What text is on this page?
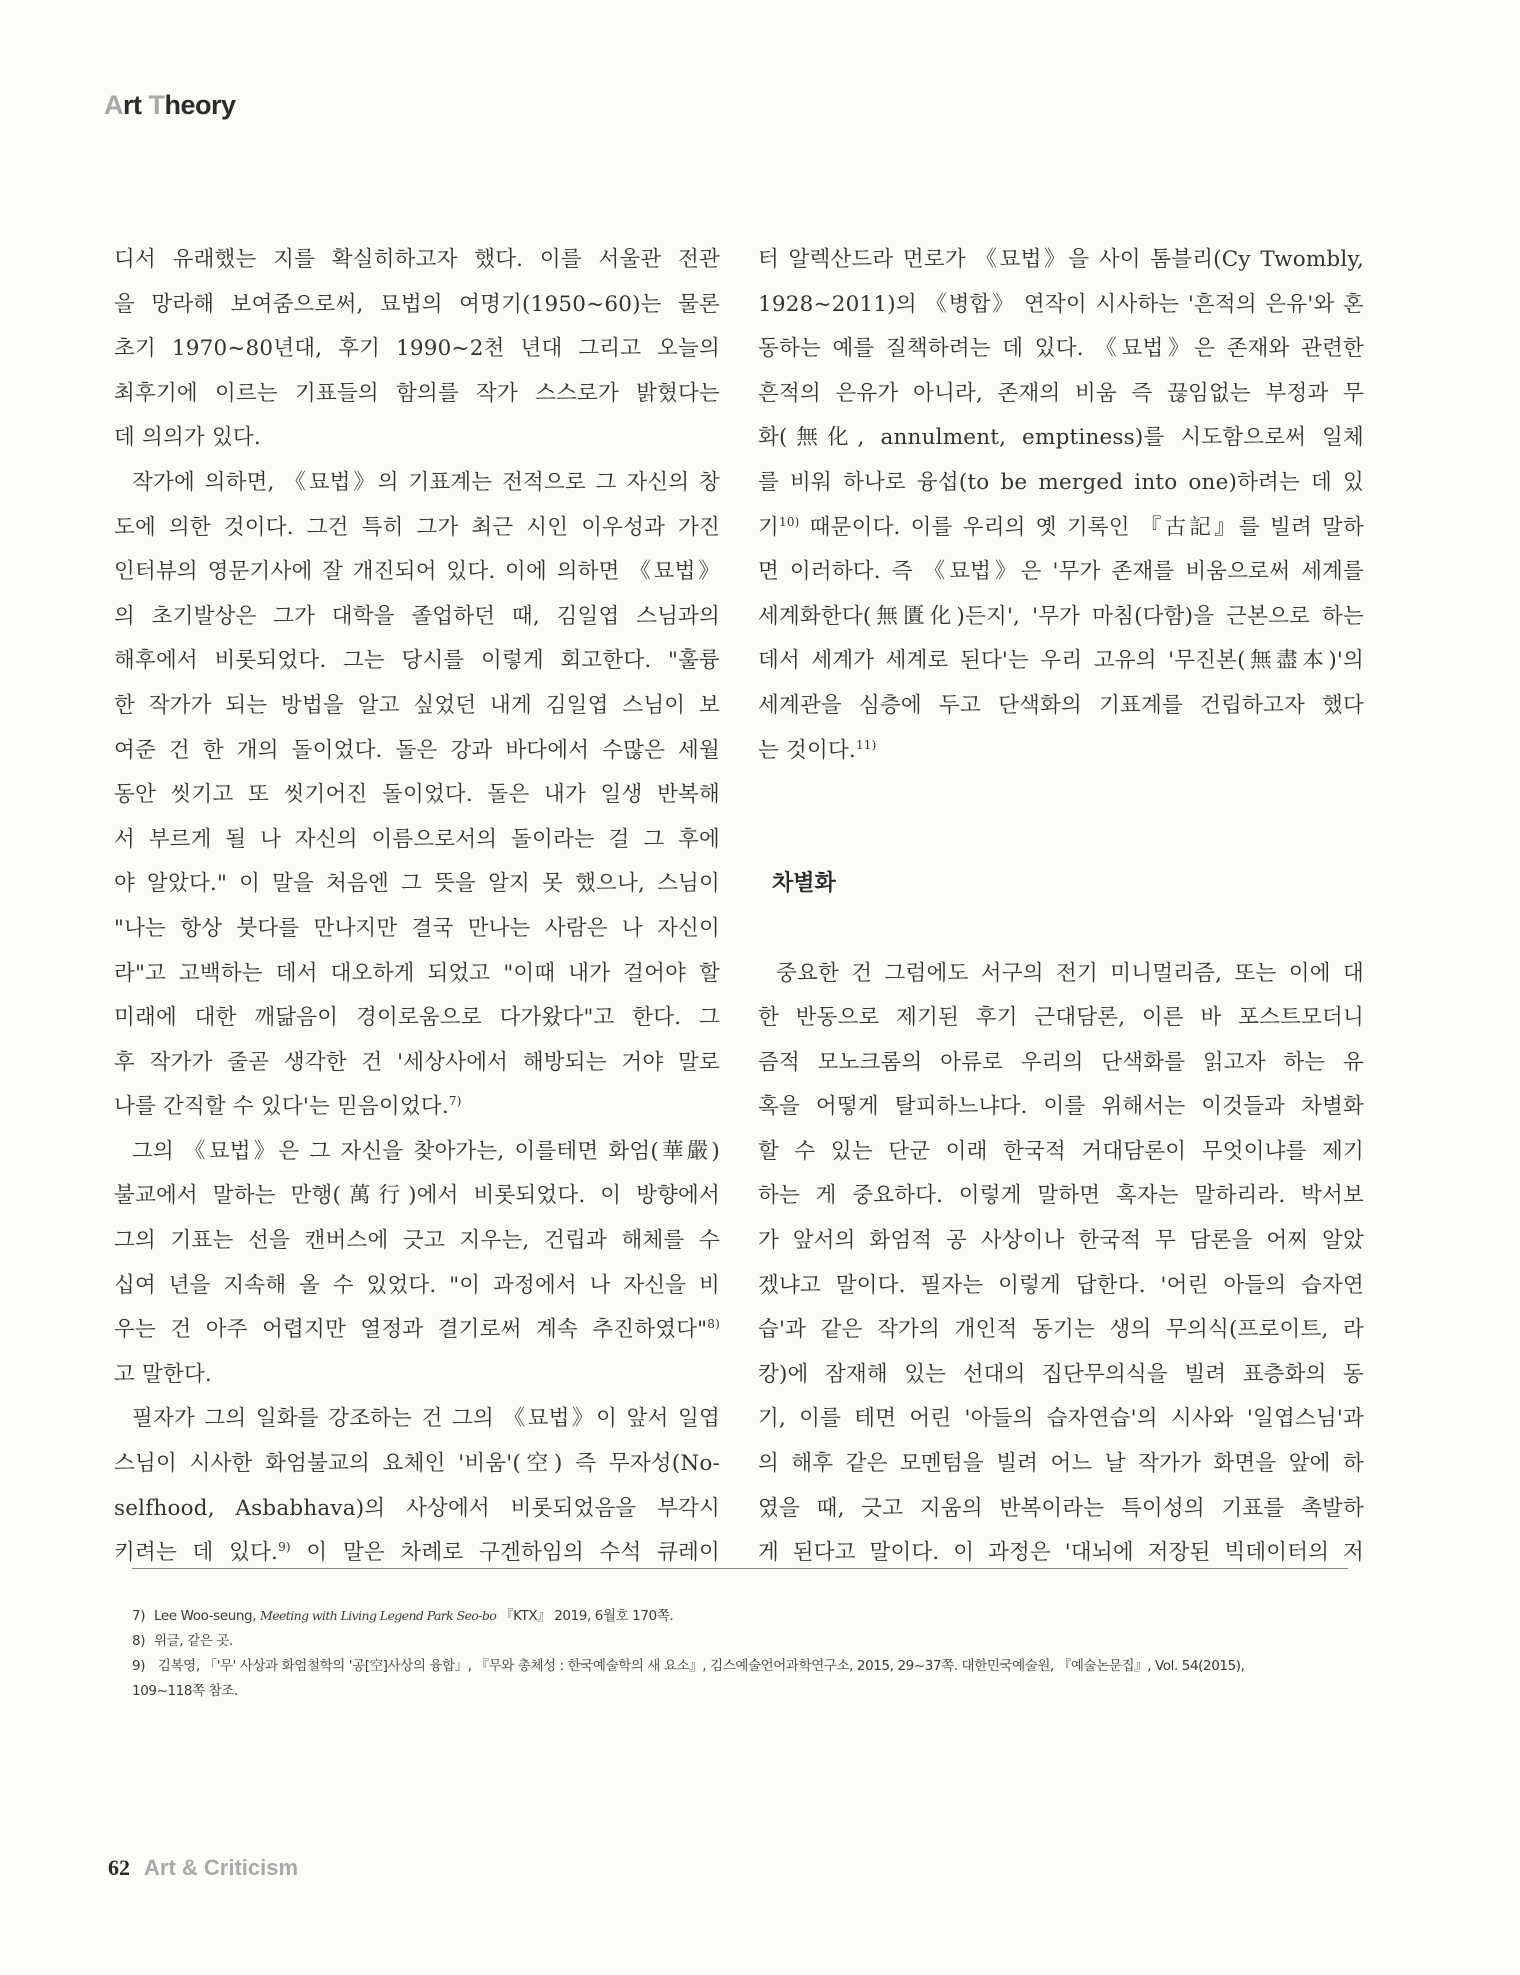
Art Theory
디서 유래했는 지를 확실히하고자 했다. 이를 서울관 전관
을 망라해 보여줌으로써, 묘법의 여명기(1950~60)는 물론
초기 1970~80년대, 후기 1990~2천 년대 그리고 오늘의
최후기에 이르는 기표들의 함의를 작가 스스로가 밝혔다는
데 의의가 있다.
작가에 의하면, 《묘법》의 기표계는 전적으로 그 자신의 창
도에 의한 것이다. 그건 특히 그가 최근 시인 이우성과 가진
인터뷰의 영문기사에 잘 개진되어 있다. 이에 의하면 《묘법》
의 초기발상은 그가 대학을 졸업하던 때, 김일엽 스님과의
해후에서 비롯되었다. 그는 당시를 이렇게 회고한다. "훌륭
한 작가가 되는 방법을 알고 싶었던 내게 김일엽 스님이 보
여준 건 한 개의 돌이었다. 돌은 강과 바다에서 수많은 세월
동안 씻기고 또 씻기어진 돌이었다. 돌은 내가 일생 반복해
서 부르게 될 나 자신의 이름으로서의 돌이라는 걸 그 후에
야 알았다." 이 말을 처음엔 그 뜻을 알지 못 했으나, 스님이
"나는 항상 붓다를 만나지만 결국 만나는 사람은 나 자신이
라"고 고백하는 데서 대오하게 되었고 "이때 내가 걸어야 할
미래에 대한 깨닮음이 경이로움으로 다가왔다"고 한다. 그
후 작가가 줄곧 생각한 건 '세상사에서 해방되는 거야 말로
나를 간직할 수 있다'는 믿음이었다.$^{7)}$
그의 《묘법》은 그 자신을 찾아가는, 이를테면 화엄(華嚴)
불교에서 말하는 만행(萬行)에서 비롯되었다. 이 방향에서
그의 기표는 선을 캔버스에 긋고 지우는, 건립과 해체를 수
십여 년을 지속해 올 수 있었다. "이 과정에서 나 자신을 비
우는 건 아주 어렵지만 열정과 결기로써 계속 추진하였다"$^{8)}$
고 말한다.
필자가 그의 일화를 강조하는 건 그의 《묘법》이 앞서 일엽
스님이 시사한 화엄불교의 요체인 '비움'(空) 즉 무자성(No-
selfhood, Asbabhava)의 사상에서 비롯되었음을 부각시
키려는 데 있다.$^{9)}$ 이 말은 차례로 구겐하임의 수석 큐레이
터 알렉산드라 먼로가 《묘법》을 사이 톰블리(Cy Twombly,
1928~2011)의 《병합》 연작이 시사하는 '흔적의 은유'와 혼
동하는 예를 질책하려는 데 있다. 《묘법》은 존재와 관련한
흔적의 은유가 아니라, 존재의 비움 즉 끊임없는 부정과 무
화(無化, annulment, emptiness)를 시도함으로써 일체
를 비워 하나로 융섭(to be merged into one)하려는 데 있
기$^{10)}$ 때문이다. 이를 우리의 옛 기록인 『古記』를 빌려 말하
면 이러하다. 즉 《묘법》은 '무가 존재를 비움으로써 세계를
세계화한다(無匱化)든지', '무가 마침(다함)을 근본으로 하는
데서 세계가 세계로 된다'는 우리 고유의 '무진본(無盡本)'의
세계관을 심층에 두고 단색화의 기표계를 건립하고자 했다
는 것이다.$^{11)}$
차별화
중요한 건 그럼에도 서구의 전기 미니멀리즘, 또는 이에 대
한 반동으로 제기된 후기 근대담론, 이른 바 포스트모더니
즘적 모노크롬의 아류로 우리의 단색화를 읽고자 하는 유
혹을 어떻게 탈피하느냐다. 이를 위해서는 이것들과 차별화
할 수 있는 단군 이래 한국적 거대담론이 무엇이냐를 제기
하는 게 중요하다. 이렇게 말하면 혹자는 말하리라. 박서보
가 앞서의 화엄적 공 사상이나 한국적 무 담론을 어찌 알았
겠냐고 말이다. 필자는 이렇게 답한다. '어린 아들의 습자연
습'과 같은 작가의 개인적 동기는 생의 무의식(프로이트, 라
캉)에 잠재해 있는 선대의 집단무의식을 빌려 표층화의 동
기, 이를 테면 어린 '아들의 습자연습'의 시사와 '일엽스님'과
의 해후 같은 모멘텀을 빌려 어느 날 작가가 화면을 앞에 하
였을 때, 긋고 지움의 반복이라는 특이성의 기표를 촉발하
게 된다고 말이다. 이 과정은 '대뇌에 저장된 빅데이터의 저
7) Lee Woo-seung, Meeting with Living Legend Park Seo-bo 『KTX』 2019, 6월호 170쪽.
8) 위글, 같은 곳.
9) 김복영, 「'무' 사상과 화엄철학의 '공[空]사상의 융합」, 『무와 총체성 : 한국예술학의 새 요소』, 김스예술언어과학연구소, 2015, 29~37쪽. 대한민국예술원, 『예술논문집』, Vol. 54(2015),
109~118쪽 참조.
62 Art & Criticism
